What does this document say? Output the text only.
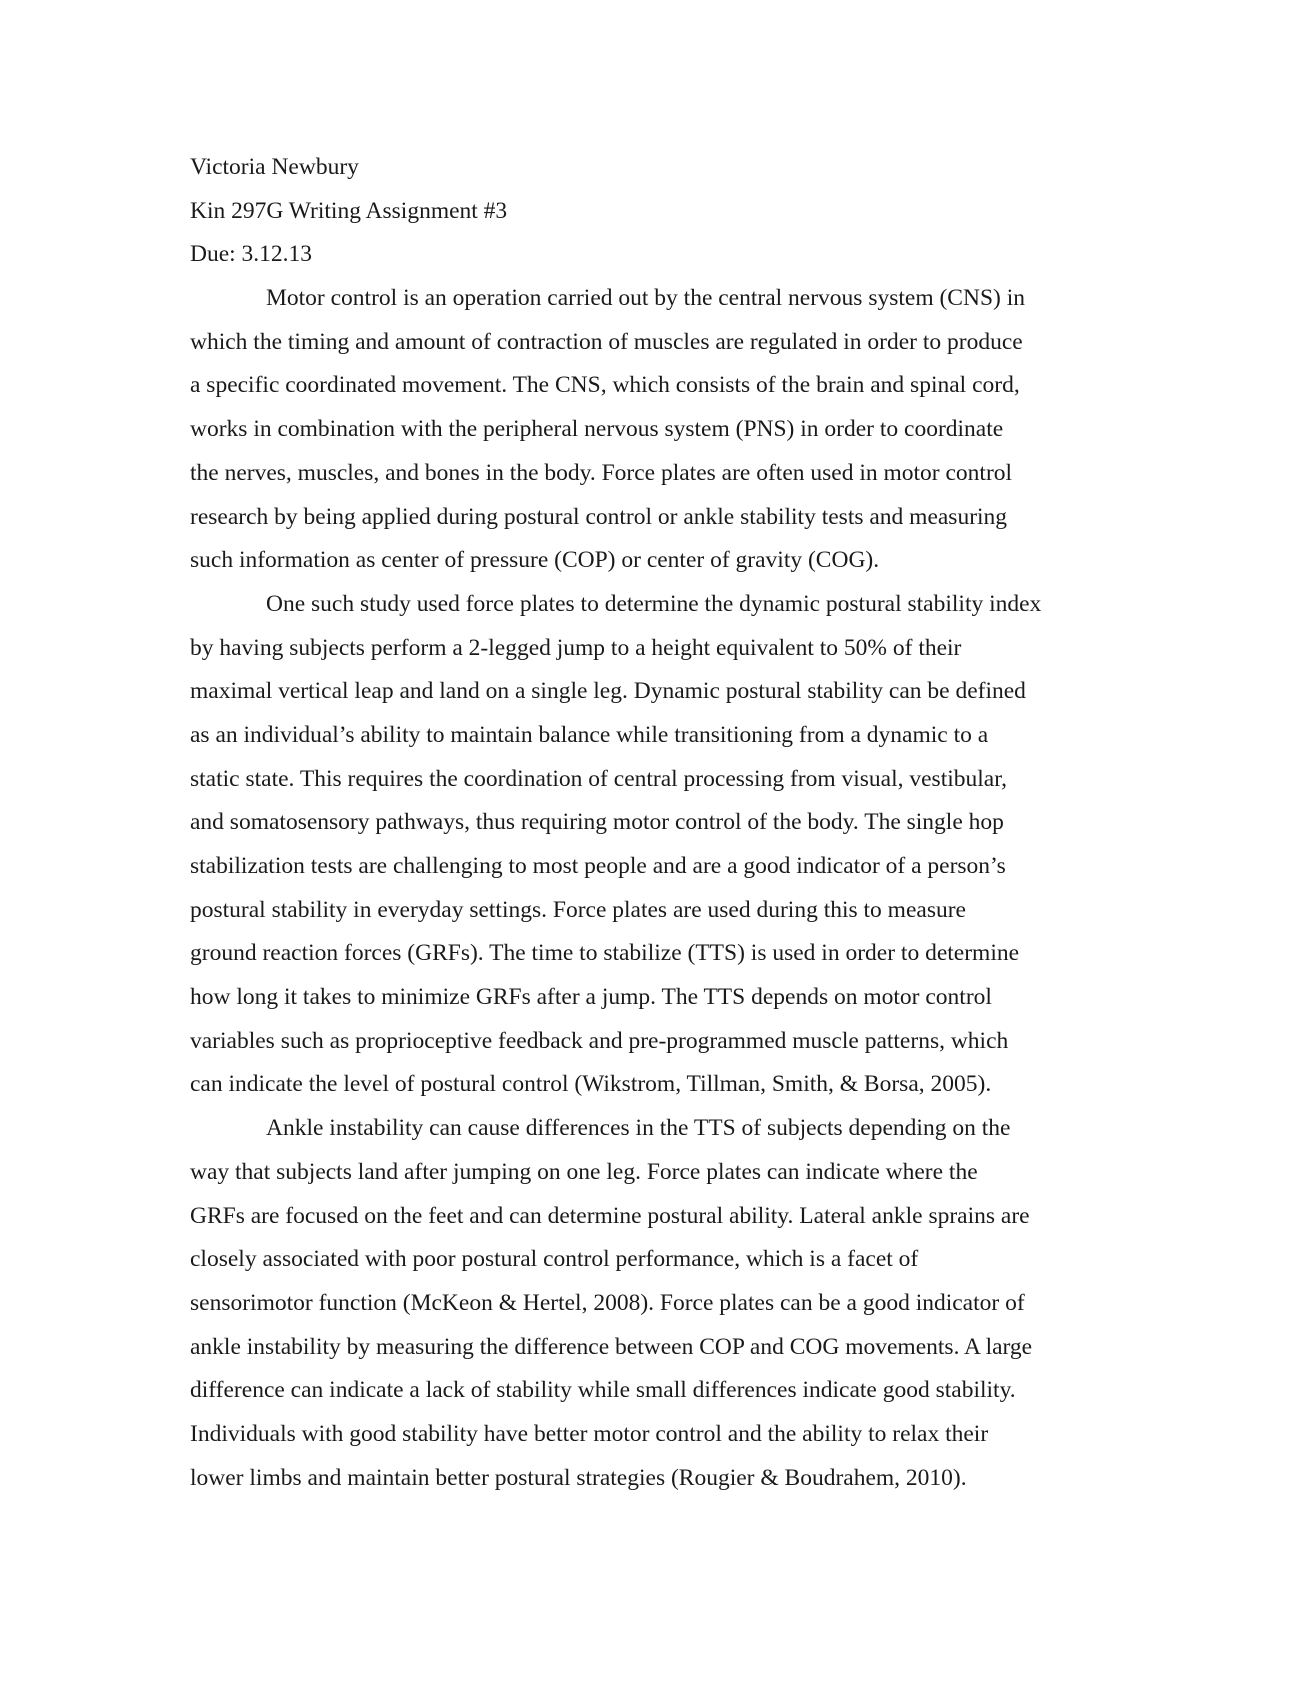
Victoria Newbury
Kin 297G Writing Assignment #3
Due: 3.12.13
Motor control is an operation carried out by the central nervous system (CNS) in
which the timing and amount of contraction of muscles are regulated in order to produce
a specific coordinated movement. The CNS, which consists of the brain and spinal cord,
works in combination with the peripheral nervous system (PNS) in order to coordinate
the nerves, muscles, and bones in the body. Force plates are often used in motor control
research by being applied during postural control or ankle stability tests and measuring
such information as center of pressure (COP) or center of gravity (COG).
One such study used force plates to determine the dynamic postural stability index
by having subjects perform a 2-legged jump to a height equivalent to 50% of their
maximal vertical leap and land on a single leg. Dynamic postural stability can be defined
as an individual’s ability to maintain balance while transitioning from a dynamic to a
static state. This requires the coordination of central processing from visual, vestibular,
and somatosensory pathways, thus requiring motor control of the body. The single hop
stabilization tests are challenging to most people and are a good indicator of a person’s
postural stability in everyday settings. Force plates are used during this to measure
ground reaction forces (GRFs). The time to stabilize (TTS) is used in order to determine
how long it takes to minimize GRFs after a jump. The TTS depends on motor control
variables such as proprioceptive feedback and pre-programmed muscle patterns, which
can indicate the level of postural control (Wikstrom, Tillman, Smith, & Borsa, 2005).
Ankle instability can cause differences in the TTS of subjects depending on the
way that subjects land after jumping on one leg. Force plates can indicate where the
GRFs are focused on the feet and can determine postural ability. Lateral ankle sprains are
closely associated with poor postural control performance, which is a facet of
sensorimotor function (McKeon & Hertel, 2008). Force plates can be a good indicator of
ankle instability by measuring the difference between COP and COG movements. A large
difference can indicate a lack of stability while small differences indicate good stability.
Individuals with good stability have better motor control and the ability to relax their
lower limbs and maintain better postural strategies (Rougier & Boudrahem, 2010).
